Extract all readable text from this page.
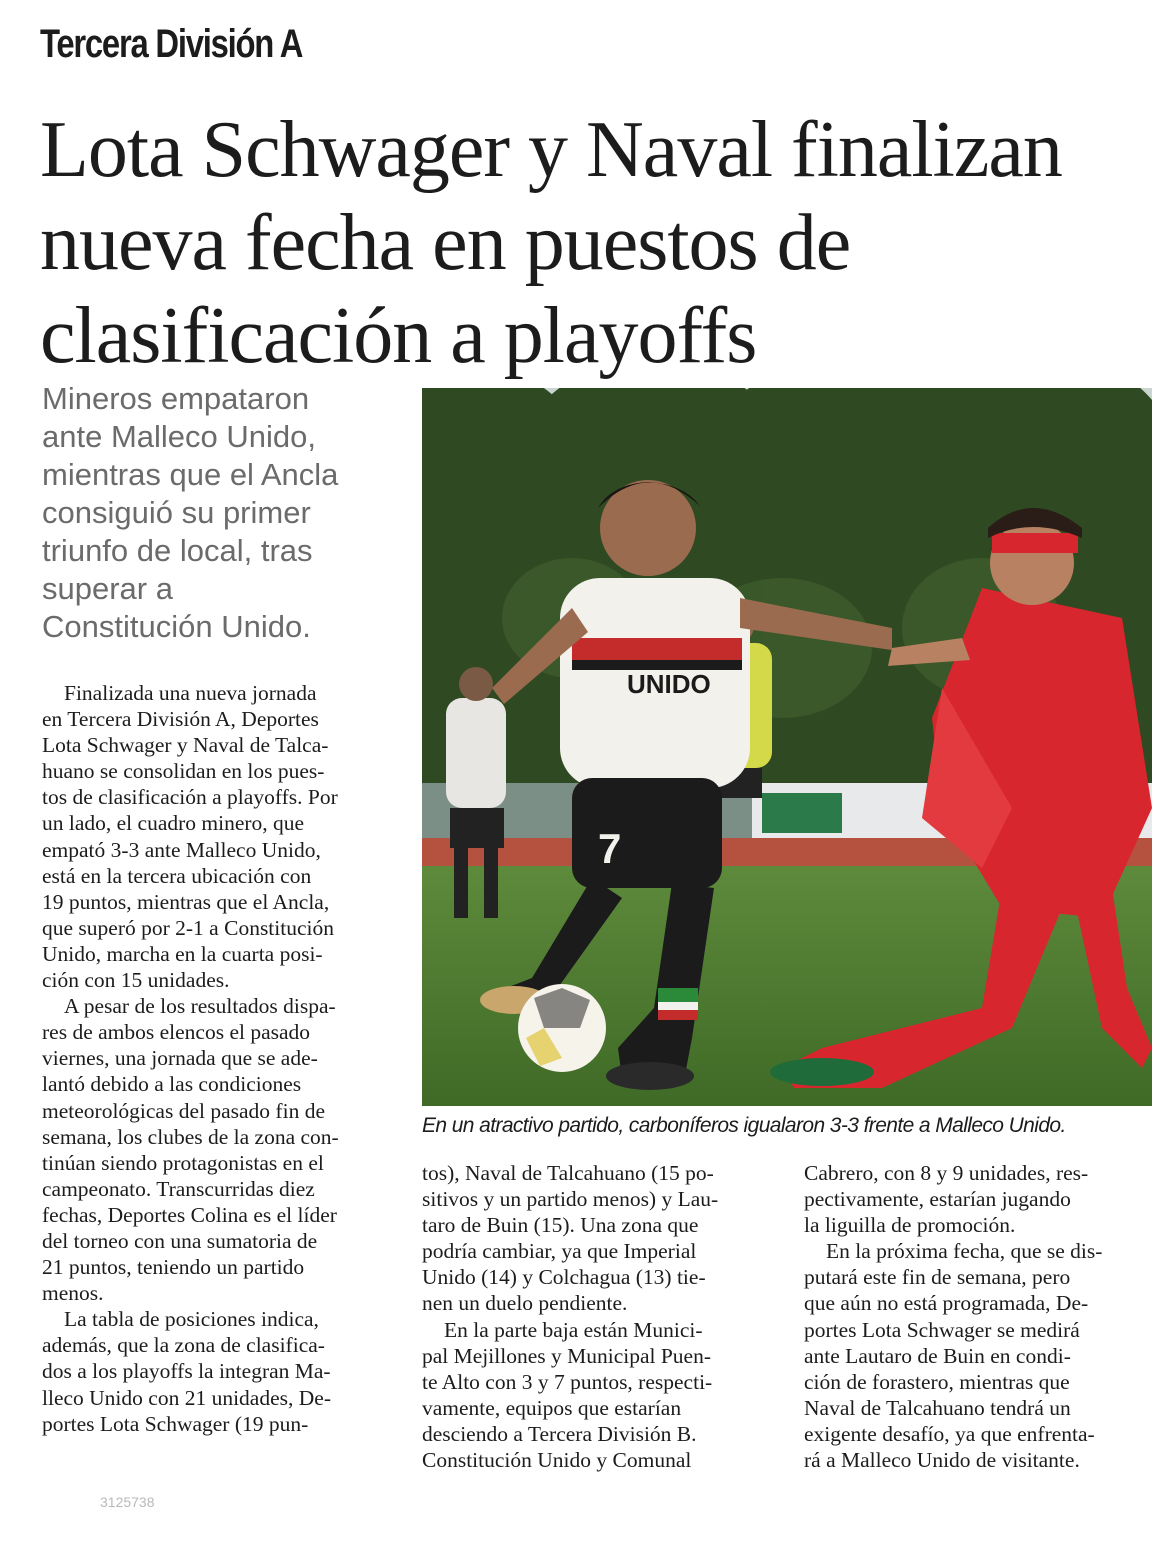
Tercera División A
Lota Schwager y Naval finalizan
nueva fecha en puestos de
clasificación a playoffs
Mineros empataron
ante Malleco Unido,
mientras que el Ancla
consiguió su primer
triunfo de local, tras
superar a
Constitución Unido.
UNIDO
7
En un atractivo partido, carboníferos igualaron 3-3 frente a Malleco Unido.

Finalizada una nueva jornada

en Tercera División A, Deportes
Lota Schwager y Naval de Talca-
huano se consolidan en los pues-
tos de clasificación a playoffs. Por
un lado, el cuadro minero, que
empató 3-3 ante Malleco Unido,
está en la tercera ubicación con
19 puntos, mientras que el Ancla,
que superó por 2-1 a Constitución
Unido, marcha en la cuarta posi-
ción con 15 unidades.

A pesar de los resultados dispa-

res de ambos elencos el pasado
viernes, una jornada que se ade-
lantó debido a las condiciones
meteorológicas del pasado fin de
semana, los clubes de la zona con-
tinúan siendo protagonistas en el
campeonato. Transcurridas diez
fechas, Deportes Colina es el líder
del torneo con una sumatoria de
21 puntos, teniendo un partido
menos.

La tabla de posiciones indica,

además, que la zona de clasifica-
dos a los playoffs la integran Ma-
lleco Unido con 21 unidades, De-
portes Lota Schwager (19 pun-

tos), Naval de Talcahuano (15 po-
sitivos y un partido menos) y Lau-
taro de Buin (15). Una zona que
podría cambiar, ya que Imperial
Unido (14) y Colchagua (13) tie-
nen un duelo pendiente.

En la parte baja están Munici-

pal Mejillones y Municipal Puen-
te Alto con 3 y 7 puntos, respecti-
vamente, equipos que estarían
desciendo a Tercera División B.
Constitución Unido y Comunal

Cabrero, con 8 y 9 unidades, res-
pectivamente, estarían jugando
la liguilla de promoción.

En la próxima fecha, que se dis-

putará este fin de semana, pero
que aún no está programada, De-
portes Lota Schwager se medirá
ante Lautaro de Buin en condi-
ción de forastero, mientras que
Naval de Talcahuano tendrá un
exigente desafío, ya que enfrenta-
rá a Malleco Unido de visitante.

3125738
